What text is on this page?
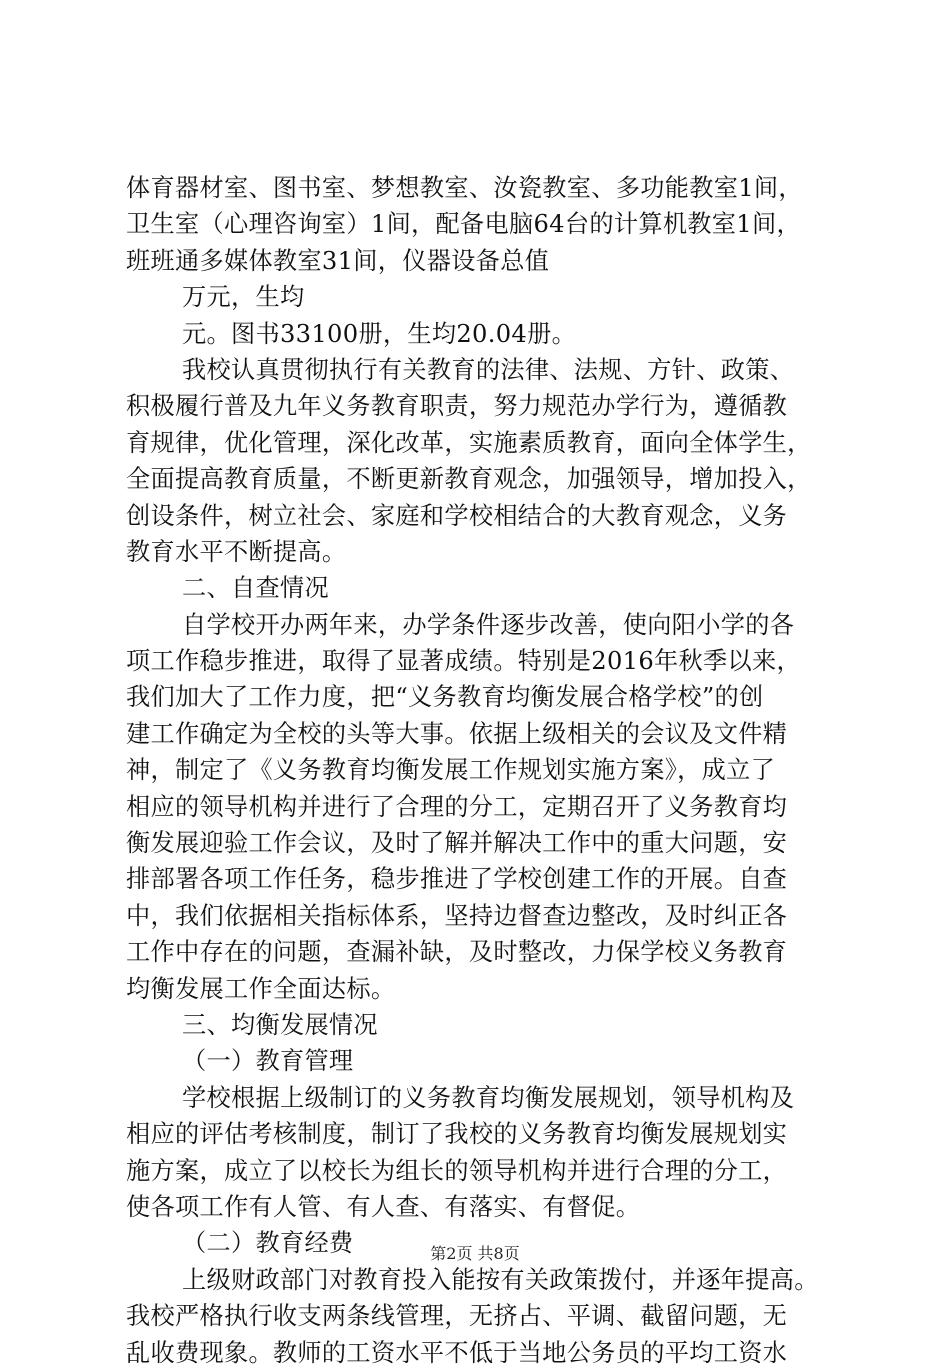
体育器材室、图书室、梦想教室、汝瓷教室、多功能教室1间，
卫生室（心理咨询室）1间，配备电脑64台的计算机教室1间，
班班通多媒体教室31间，仪器设备总值
万元，生均
元。图书33100册，生均20.04册。
我校认真贯彻执行有关教育的法律、法规、方针、政策、
积极履行普及九年义务教育职责，努力规范办学行为，遵循教
育规律，优化管理，深化改革，实施素质教育，面向全体学生，
全面提高教育质量，不断更新教育观念，加强领导，增加投入，
创设条件，树立社会、家庭和学校相结合的大教育观念，义务
教育水平不断提高。
二、自查情况
自学校开办两年来，办学条件逐步改善，使向阳小学的各
项工作稳步推进，取得了显著成绩。特别是2016年秋季以来，
我们加大了工作力度，把“义务教育均衡发展合格学校”的创
建工作确定为全校的头等大事。依据上级相关的会议及文件精
神，制定了《义务教育均衡发展工作规划实施方案》，成立了
相应的领导机构并进行了合理的分工，定期召开了义务教育均
衡发展迎验工作会议，及时了解并解决工作中的重大问题，安
排部署各项工作任务，稳步推进了学校创建工作的开展。自查
中，我们依据相关指标体系，坚持边督查边整改，及时纠正各
工作中存在的问题，查漏补缺，及时整改，力保学校义务教育
均衡发展工作全面达标。
三、均衡发展情况
（一）教育管理
学校根据上级制订的义务教育均衡发展规划，领导机构及
相应的评估考核制度，制订了我校的义务教育均衡发展规划实
施方案，成立了以校长为组长的领导机构并进行合理的分工，
使各项工作有人管、有人查、有落实、有督促。
（二）教育经费
上级财政部门对教育投入能按有关政策拨付，并逐年提高。
我校严格执行收支两条线管理，无挤占、平调、截留问题，无
乱收费现象。教师的工资水平不低于当地公务员的平均工资水
第2页 共8页
